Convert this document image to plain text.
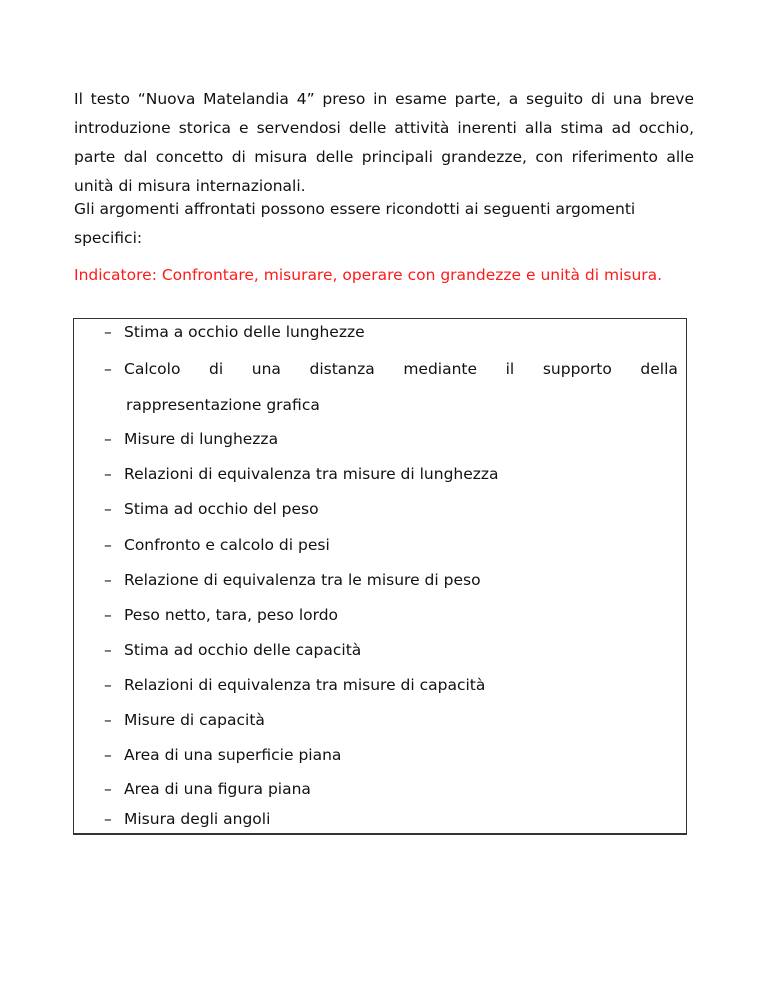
Il testo “Nuova Matelandia 4” preso in esame parte, a seguito di una breve introduzione storica e servendosi delle attività inerenti alla stima ad occhio, parte dal concetto di misura delle principali grandezze, con riferimento alle unità di misura internazionali.

Gli argomenti affrontati possono essere ricondotti ai seguenti argomenti specifici:

Indicatore: Confrontare, misurare, operare con grandezze e unità di misura.

– Stima a occhio delle lunghezze
– Calcolo di una distanza mediante il supporto della
rappresentazione grafica
– Misure di lunghezza
– Relazioni di equivalenza tra misure di lunghezza
– Stima ad occhio del peso
– Confronto e calcolo di pesi
– Relazione di equivalenza tra le misure di peso
– Peso netto, tara, peso lordo
– Stima ad occhio delle capacità
– Relazioni di equivalenza tra misure di capacità
– Misure di capacità
– Area di una superficie piana
– Area di una figura piana
– Misura degli angoli
